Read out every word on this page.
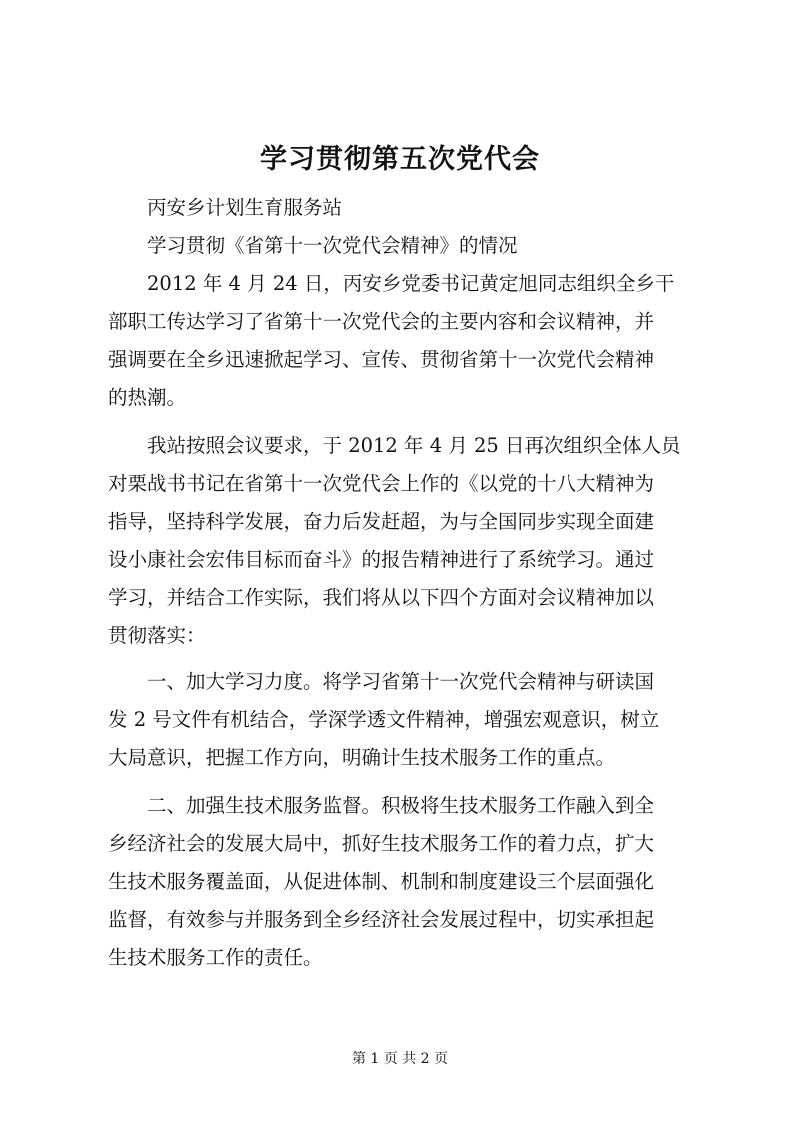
学习贯彻第五次党代会
丙安乡计划生育服务站
学习贯彻《省第十一次党代会精神》的情况
2012 年 4 月 24 日，丙安乡党委书记黄定旭同志组织全乡干
部职工传达学习了省第十一次党代会的主要内容和会议精神，并
强调要在全乡迅速掀起学习、宣传、贯彻省第十一次党代会精神
的热潮。
我站按照会议要求，于 2012 年 4 月 25 日再次组织全体人员
对栗战书书记在省第十一次党代会上作的《以党的十八大精神为
指导，坚持科学发展，奋力后发赶超，为与全国同步实现全面建
设小康社会宏伟目标而奋斗》的报告精神进行了系统学习。通过
学习，并结合工作实际，我们将从以下四个方面对会议精神加以
贯彻落实：
一、加大学习力度。将学习省第十一次党代会精神与研读国
发 2 号文件有机结合，学深学透文件精神，增强宏观意识，树立
大局意识，把握工作方向，明确计生技术服务工作的重点。
二、加强生技术服务监督。积极将生技术服务工作融入到全
乡经济社会的发展大局中，抓好生技术服务工作的着力点，扩大
生技术服务覆盖面，从促进体制、机制和制度建设三个层面强化
监督，有效参与并服务到全乡经济社会发展过程中，切实承担起
生技术服务工作的责任。
第 1 页 共 2 页
